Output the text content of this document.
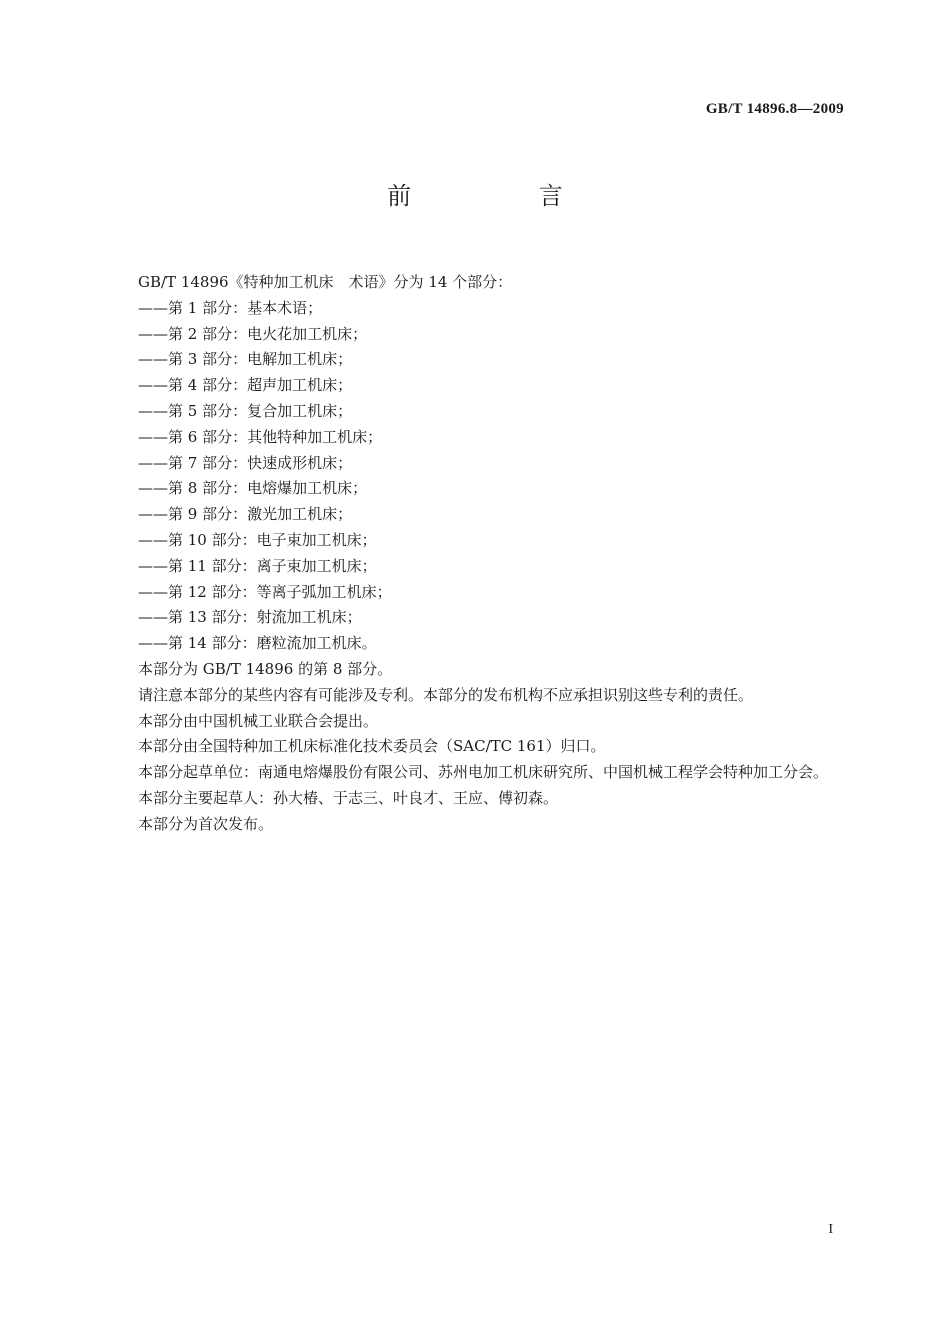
GB/T 14896.8—2009
前 言

GB/T 14896《特种加工机床　术语》分为 14 个部分：

——第 1 部分：基本术语；

——第 2 部分：电火花加工机床；

——第 3 部分：电解加工机床；

——第 4 部分：超声加工机床；

——第 5 部分：复合加工机床；

——第 6 部分：其他特种加工机床；

——第 7 部分：快速成形机床；

——第 8 部分：电熔爆加工机床；

——第 9 部分：激光加工机床；

——第 10 部分：电子束加工机床；

——第 11 部分：离子束加工机床；

——第 12 部分：等离子弧加工机床；

——第 13 部分：射流加工机床；

——第 14 部分：磨粒流加工机床。

本部分为 GB/T 14896 的第 8 部分。

请注意本部分的某些内容有可能涉及专利。本部分的发布机构不应承担识别这些专利的责任。

本部分由中国机械工业联合会提出。

本部分由全国特种加工机床标准化技术委员会（SAC/TC 161）归口。

本部分起草单位：南通电熔爆股份有限公司、苏州电加工机床研究所、中国机械工程学会特种加工分会。

本部分主要起草人：孙大椿、于志三、叶良才、王应、傅初森。

本部分为首次发布。

I
